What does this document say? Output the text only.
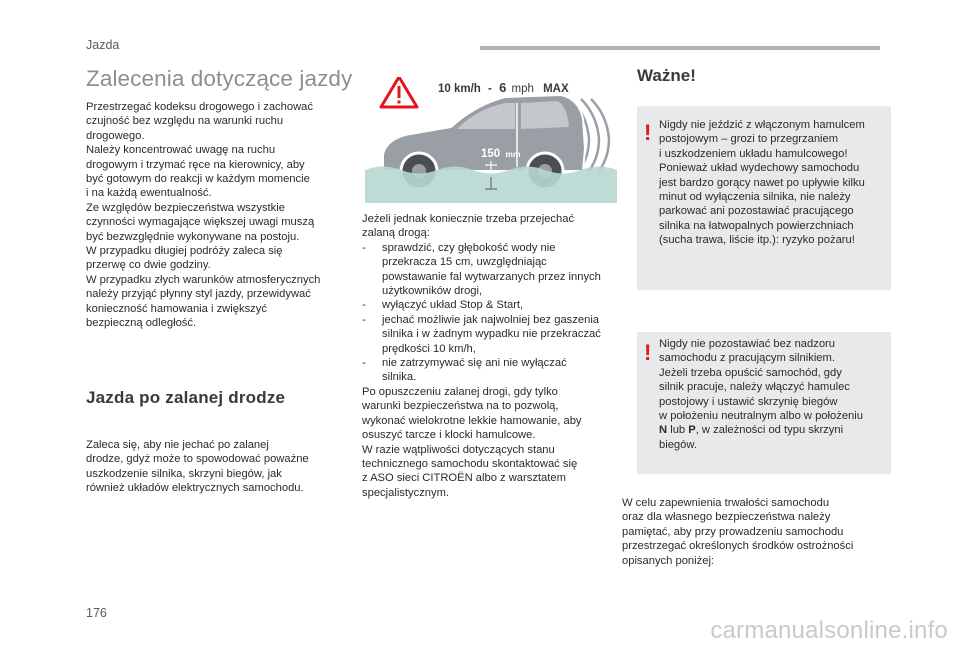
Jazda
Zalecenia dotyczące jazdy

Przestrzegać kodeksu drogowego i zachować

czujność bez względu na warunki ruchu

drogowego.

Należy koncentrować uwagę na ruchu

drogowym i trzymać ręce na kierownicy, aby

być gotowym do reakcji w każdym momencie

i na każdą ewentualność.

Ze względów bezpieczeństwa wszystkie

czynności wymagające większej uwagi muszą

być bezwzględnie wykonywane na postoju.

W przypadku długiej podróży zaleca się

przerwę co dwie godziny.

W przypadku złych warunków atmosferycznych

należy przyjąć płynny styl jazdy, przewidywać

konieczność hamowania i zwiększyć

bezpieczną odległość.

Jazda po zalanej drodze

Zaleca się, aby nie jechać po zalanej

drodze, gdyż może to spowodować poważne

uszkodzenie silnika, skrzyni biegów, jak

również układów elektrycznych samochodu.

10 km/h - 6 mph MAX
150 mm
Jeżeli jednak koniecznie trzeba przejechać
zalaną drogą:
- sprawdzić, czy głębokość wody nie
przekracza 15 cm, uwzględniając
powstawanie fal wytwarzanych przez innych
użytkowników drogi,
- wyłączyć układ Stop & Start,
- jechać możliwie jak najwolniej bez gaszenia
silnika i w żadnym wypadku nie przekraczać
prędkości 10 km/h,
- nie zatrzymywać się ani nie wyłączać
silnika.
Po opuszczeniu zalanej drogi, gdy tylko
warunki bezpieczeństwa na to pozwolą,
wykonać wielokrotne lekkie hamowanie, aby
osuszyć tarcze i klocki hamulcowe.
W razie wątpliwości dotyczących stanu
technicznego samochodu skontaktować się
z ASO sieci CITROËN albo z warsztatem
specjalistycznym.
Ważne!
! Nigdy nie jeździć z włączonym hamulcem
postojowym – grozi to przegrzaniem
i uszkodzeniem układu hamulcowego!
Ponieważ układ wydechowy samochodu
jest bardzo gorący nawet po upływie kilku
minut od wyłączenia silnika, nie należy
parkować ani pozostawiać pracującego
silnika na łatwopalnych powierzchniach
(sucha trawa, liście itp.): ryzyko pożaru!
! Nigdy nie pozostawiać bez nadzoru
samochodu z pracującym silnikiem.
Jeżeli trzeba opuścić samochód, gdy
silnik pracuje, należy włączyć hamulec
postojowy i ustawić skrzynię biegów
w położeniu neutralnym albo w położeniu
N lub P, w zależności od typu skrzyni
biegów.

W celu zapewnienia trwałości samochodu

oraz dla własnego bezpieczeństwa należy

pamiętać, aby przy prowadzeniu samochodu

przestrzegać określonych środków ostrożności

opisanych poniżej:

176
carmanualsonline.info
